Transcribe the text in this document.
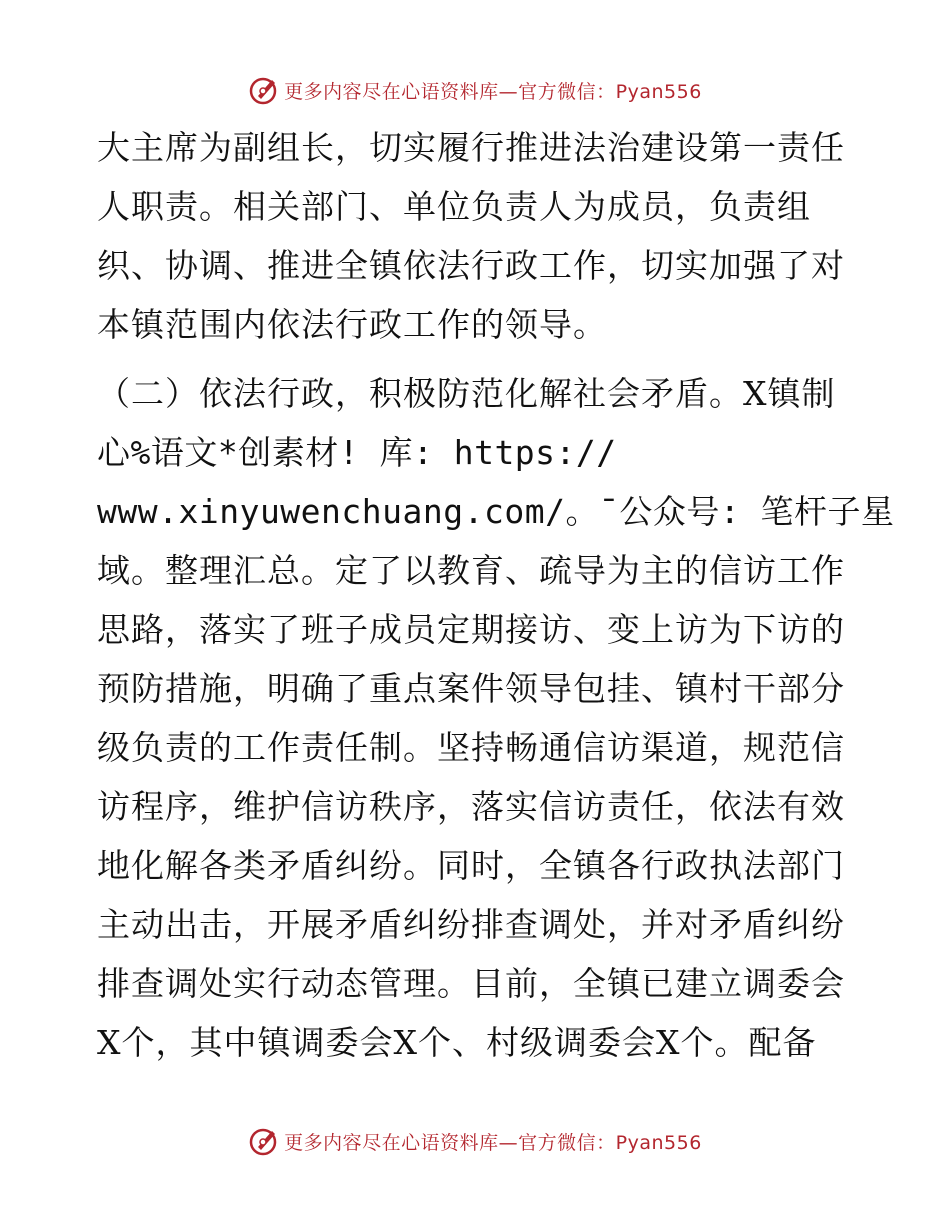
更多内容尽在心语资料库—官方微信：Pyan556
大主席为副组长，切实履行推进法治建设第一责任
人职责。相关部门、单位负责人为成员，负责组
织、协调、推进全镇依法行政工作，切实加强了对
本镇范围内依法行政工作的领导。
（二）依法行政，积极防范化解社会矛盾。X镇制
心%语文*创素材! 库: https://
www.xinyuwenchuang.com/。¯公众号: 笔杆子星
域。整理汇总。定了以教育、疏导为主的信访工作
思路，落实了班子成员定期接访、变上访为下访的
预防措施，明确了重点案件领导包挂、镇村干部分
级负责的工作责任制。坚持畅通信访渠道，规范信
访程序，维护信访秩序，落实信访责任，依法有效
地化解各类矛盾纠纷。同时，全镇各行政执法部门
主动出击，开展矛盾纠纷排查调处，并对矛盾纠纷
排查调处实行动态管理。目前，全镇已建立调委会
X个，其中镇调委会X个、村级调委会X个。配备
更多内容尽在心语资料库—官方微信：Pyan556
